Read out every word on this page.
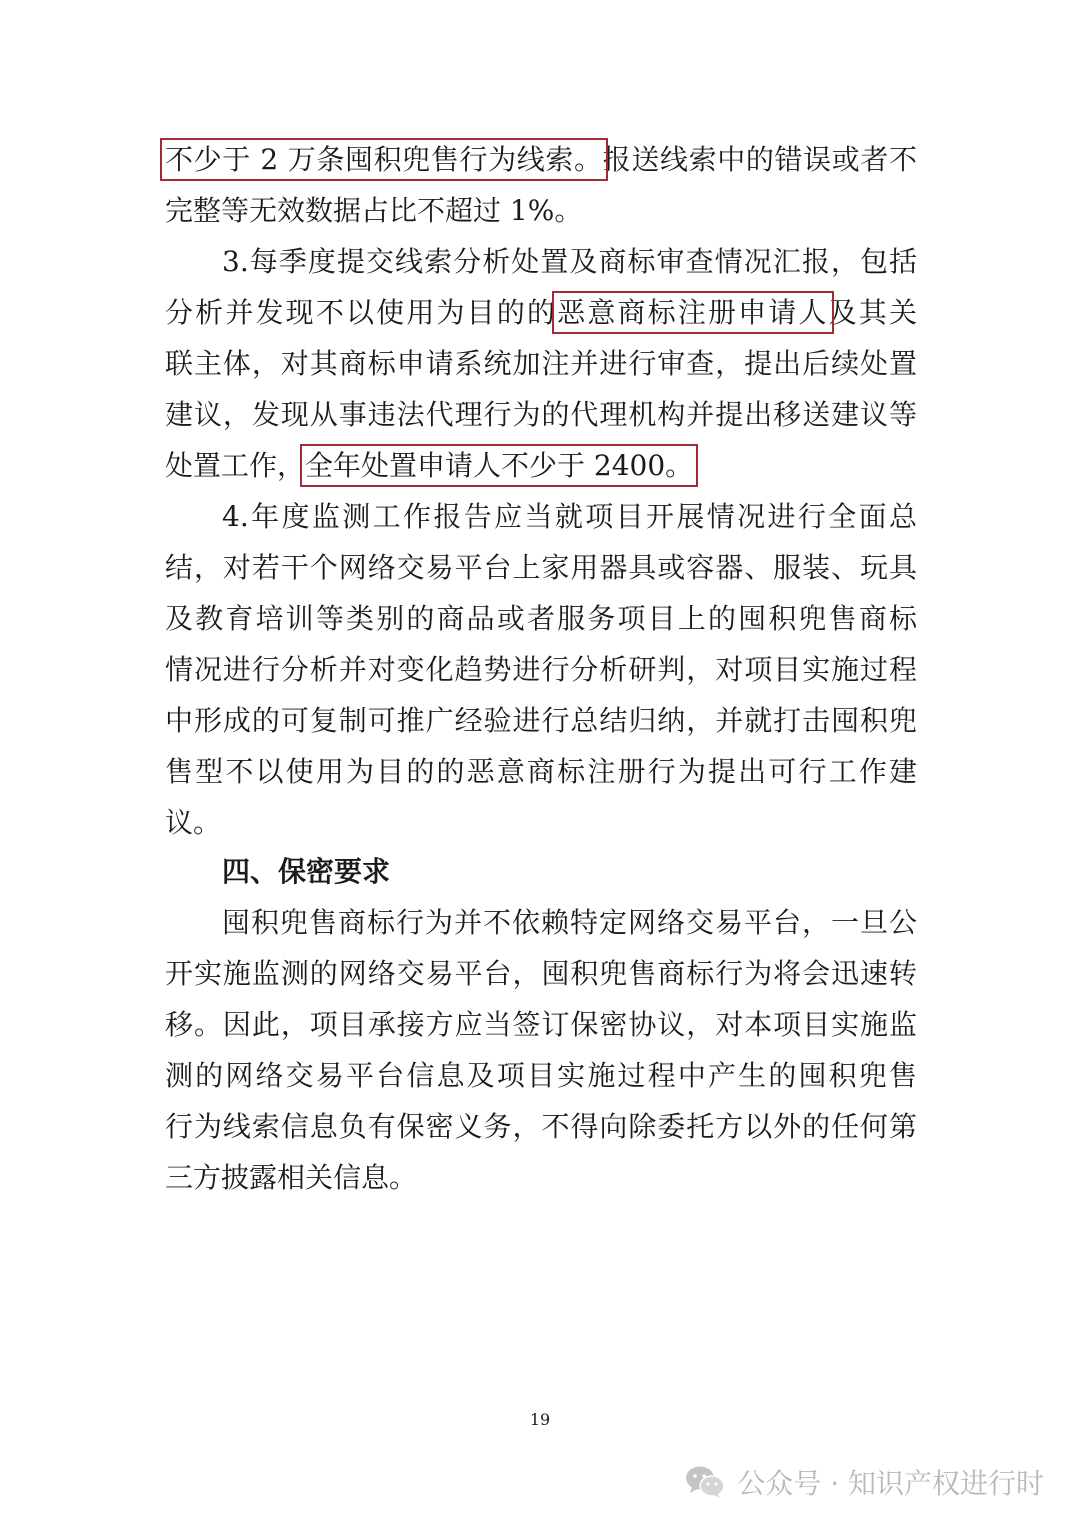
不少于 2 万条囤积兜售行为线索。报送线索中的错误或者不
完整等无效数据占比不超过 1%。
3.每季度提交线索分析处置及商标审查情况汇报，包括
分析并发现不以使用为目的的恶意商标注册申请人及其关
联主体，对其商标申请系统加注并进行审查，提出后续处置
建议，发现从事违法代理行为的代理机构并提出移送建议等
处置工作，全年处置申请人不少于 2400。
4.年度监测工作报告应当就项目开展情况进行全面总
结，对若干个网络交易平台上家用器具或容器、服装、玩具
及教育培训等类别的商品或者服务项目上的囤积兜售商标
情况进行分析并对变化趋势进行分析研判，对项目实施过程
中形成的可复制可推广经验进行总结归纳，并就打击囤积兜
售型不以使用为目的的恶意商标注册行为提出可行工作建
议。
四、保密要求
囤积兜售商标行为并不依赖特定网络交易平台，一旦公
开实施监测的网络交易平台，囤积兜售商标行为将会迅速转
移。因此，项目承接方应当签订保密协议，对本项目实施监
测的网络交易平台信息及项目实施过程中产生的囤积兜售
行为线索信息负有保密义务，不得向除委托方以外的任何第
三方披露相关信息。
19
公众号 · 知识产权进行时
